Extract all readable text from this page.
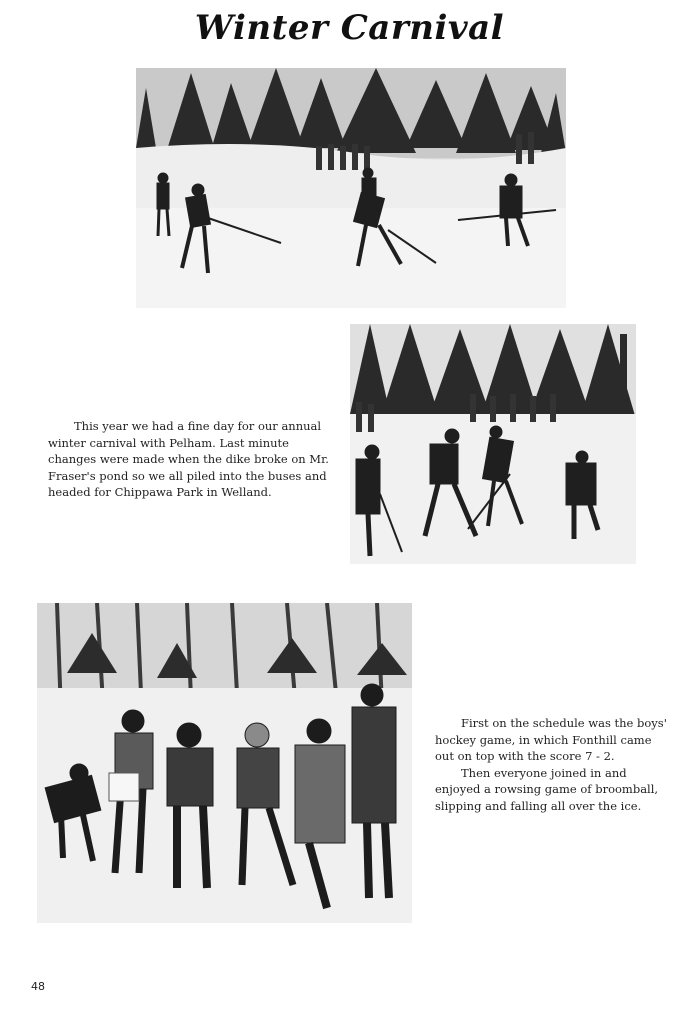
Winter Carnival

This year we had a fine day for our annual winter carnival with Pelham. Last minute changes were made when the dike broke on Mr. Fraser's pond so we all piled into the buses and headed for Chippawa Park in Welland.

First on the schedule was the boys' hockey game, in which Fonthill came out on top with the score 7 - 2.

Then everyone joined in and enjoyed a rowsing game of broomball, slipping and falling all over the ice.

48
